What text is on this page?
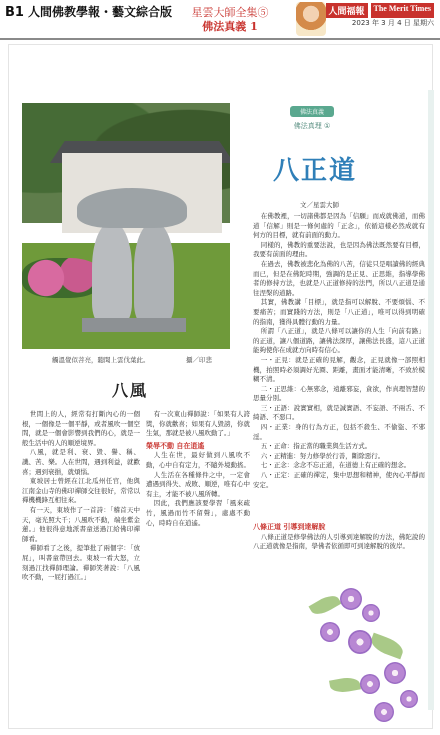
B1 人間佛教學報・藝文綜合版	星雲大師全集⑤
佛法真義 1
人間福報	The Merit Times
2023 年 3 月 4 日 星期六
觸溫覺似菩亮，聽聞上雲伐葉此。	攝／印悲
佛法真義
佛法真理 ①
八正道
文／星雲大師

在佛教裡，一切諸佛都是因為「信願」而成就佛道，而佛道「信解」則是一條何處的「正念」，依循這樣必然成就有何方的目標，就有前面的動力。

同樣的，佛教的重要法說，也是因為佛法既然要有目標，我要有前面的理由。

在過去，佛教被悲化為佛的八苦，信徒只是唱讀佛的經典而已，但是在佛陀時期，強調的是正見、正思維，指導學佛者的修持方法，也就是八正道修持的法門，所以八正道是通往涅槃的道路。

其實，佛教講「目標」，就是指可以解脫、不要煩惱、不要痛苦；而實踐的方法，則是「八正道」，唯可以得到明確的指南，獲得具體行動的力量。

所謂「八正道」，就是八條可以讓你的人生「向前有路」的正道，讓八個道路，讓佛法深厚，讓佛法長盛，這八正道能夠使你在成就方向時有信心。

一・正見：就是正確的見解，觀念，正見就像一部照相機，拍照時必須調好光圈、距離，畫面才能清晰，不致於模糊不清。

二・正思維：心無邪念，遠離邪妄，貪欲，作真理智慧的思量分別。

三・正語：說實實相，就是誠實語、不妄語、不兩舌、不綺語、不惡口。

四・正業：身的行為方正，包括不殺生、不偷盜、不邪淫。

五・正命：指正當的職業與生活方式。

六・正精進：努力修學於行善，斷除惡行。

七・正念：念念不忘正道，在道德上有正確的想念。

八・正定：正確的禪定，集中思想和精神，使內心平靜而安定。

八條正道 引導到達解脫

八條正道是修學佛法的人引導到達解脫的方法，佛陀說的八正道就像是指南，學佛者依循即可到達解脫的彼岸。

八風

世間上的人，經常有打斷內心的一個根，一個像是一個平靜，或者風吹一個空間，就是一個會影響到我們的心，就是一般生活中的人的順逆境界。

八風，就是利、衰、毀、譽、稱、譏、苦、樂。人在世間，遇到利益，就歡喜；遇到衰損，就煩惱。

東坡居士曾經在江北瓜州任官，他與江南金山寺的佛印禪師交往很好，常常以禪機機鋒互相往來。

有一天，東坡作了一首詩：「稽首天中天，毫光照大千；八風吹不動，端坐紫金蓮。」他很得意地派書童送過江給佛印禪師看。

禪師看了之後，提筆批了兩個字：「放屁」，叫書童帶回去。東坡一看大怒，立刻過江找禪師理論。禪師笑著說：「八風吹不動，一屁打過江。」

有一次東山禪師說：「如果有人誇獎，你就歡喜；如果有人毀謗，你就生氣，那就是被八風吹動了。」

榮辱不動 自在逍遙

人生在世，最好做到八風吹不動，心中自有定力，不隨外境動搖。

人生活在各種條件之中，一定會遭遇到得失、成敗、順逆，唯有心中有主，才能不被八風所轉。

因此，我們應該要學習「風來疏竹，風過而竹不留聲」，處處不動心，時時自在逍遙。
